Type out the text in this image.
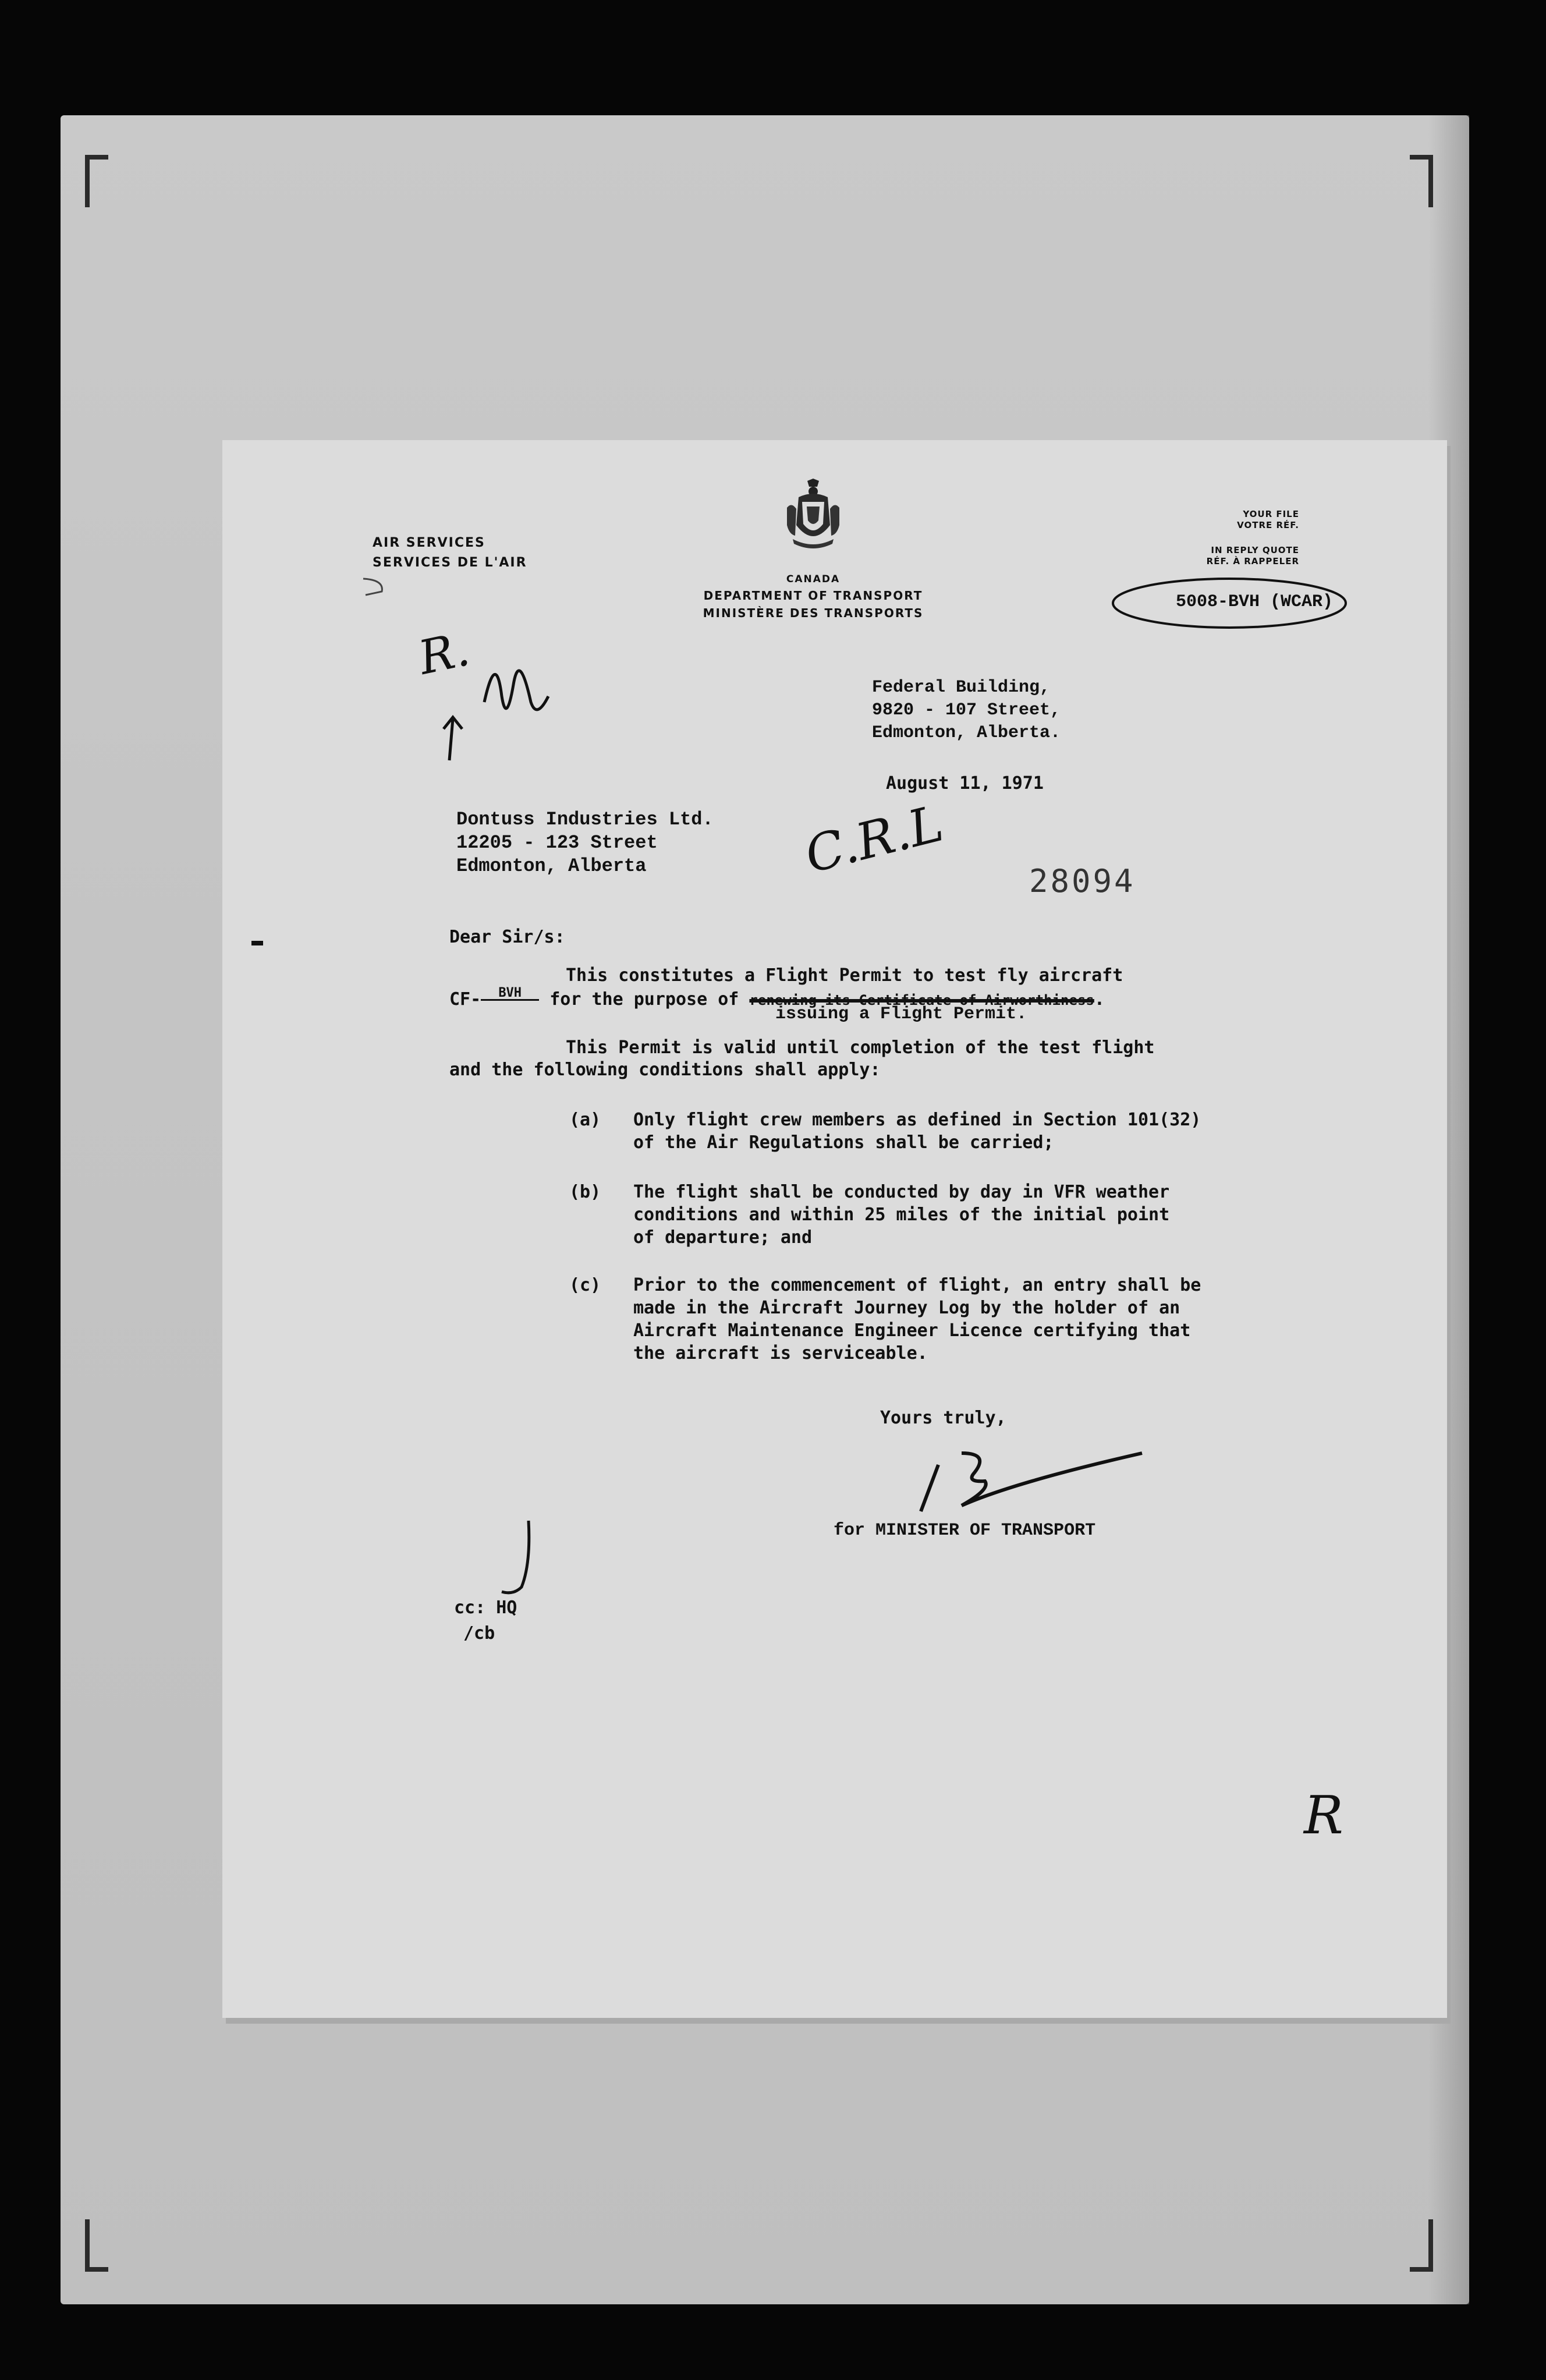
AIR SERVICES
SERVICES DE L'AIR
CANADA
DEPARTMENT OF TRANSPORT
MINISTÈRE DES TRANSPORTS
YOUR FILE
VOTRE RÉF.
IN REPLY QUOTE
RÉF. À RAPPELER
5008-BVH (WCAR)
R.
Federal Building,
9820 - 107 Street,
Edmonton, Alberta.
August 11, 1971
Dontuss Industries Ltd.
12205 - 123 Street
Edmonton, Alberta	C.R.L	28094
Dear Sir/s:
This constitutes a Flight Permit to test fly aircraft
CF- BVH for the purpose of renewing its Certificate of Airworthiness.
issuing a Flight Permit.
This Permit is valid until completion of the test flight
and the following conditions shall apply:
(a) Only flight crew members as defined in Section 101(32)
of the Air Regulations shall be carried;
(b) The flight shall be conducted by day in VFR weather
conditions and within 25 miles of the initial point
of departure; and
(c) Prior to the commencement of flight, an entry shall be
made in the Aircraft Journey Log by the holder of an
Aircraft Maintenance Engineer Licence certifying that
the aircraft is serviceable.
Yours truly,
for MINISTER OF TRANSPORT
cc: HQ
/cb
R
